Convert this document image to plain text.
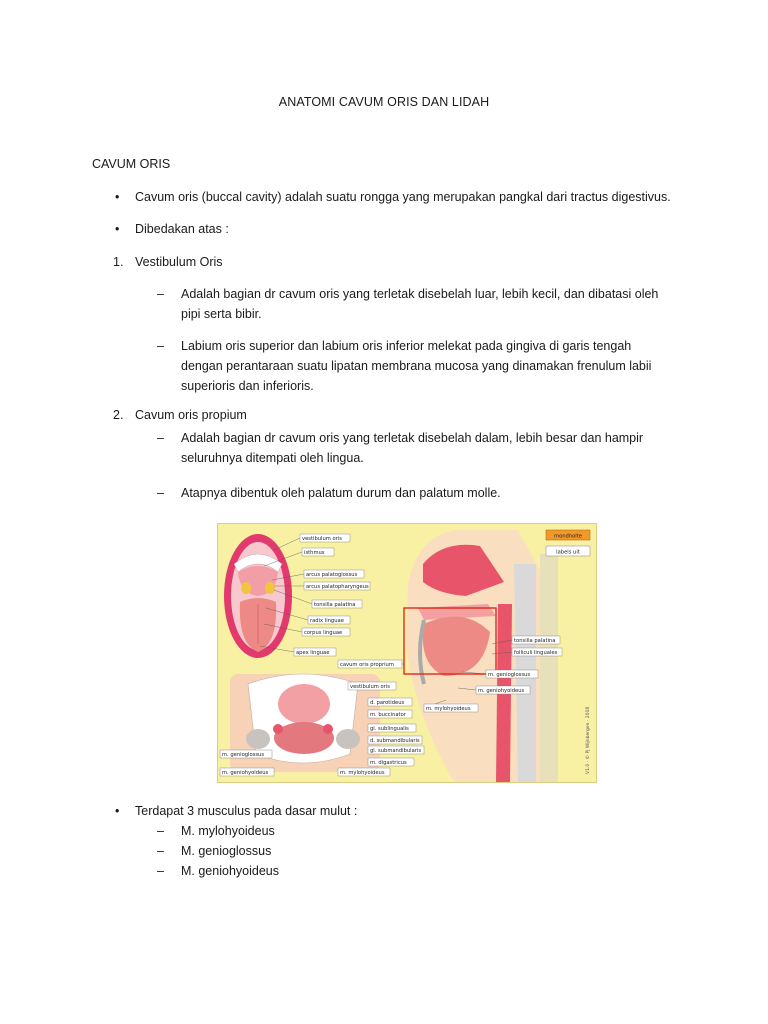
ANATOMI CAVUM ORIS DAN LIDAH

CAVUM ORIS

• Cavum oris (buccal cavity) adalah suatu rongga yang merupakan pangkal dari tractus digestivus.

• Dibedakan atas :

1. Vestibulum Oris

– Adalah bagian dr cavum oris yang terletak disebelah luar, lebih kecil, dan dibatasi oleh
pipi serta bibir.
– Labium oris superior dan labium oris inferior melekat pada gingiva di garis tengah
dengan perantaraan suatu lipatan membrana mucosa yang dinamakan frenulum labii
superioris dan inferioris.
2. Cavum oris propium

– Adalah bagian dr cavum oris yang terletak disebelah dalam, lebih besar dan hampir
seluruhnya ditempati oleh lingua.
– Atapnya dibentuk oleh palatum durum dan palatum molle.
mondholte
labels uit
vestibulum oris
isthmus
arcus palatoglossus
arcus palatopharyngeus
tonsilla palatina
radix linguae
corpus linguae
apex linguae
cavum oris proprium
vestibulum oris
d. parotideus
m. buccinator
gl. sublingualis
d. submandibularis
gl. submandibularis
m. digastricus
m. mylohyoideus
m. genioglossus
m. geniohyoideus
tonsilla palatina
folliculi linguales
m. genioglossus
m. geniohyoideus
m. mylohyoideus	V1.0 · © PJ Wijnbergen · 2008
• Terdapat 3 musculus pada dasar mulut :

– M. mylohyoideus

– M. genioglossus

– M. geniohyoideus
